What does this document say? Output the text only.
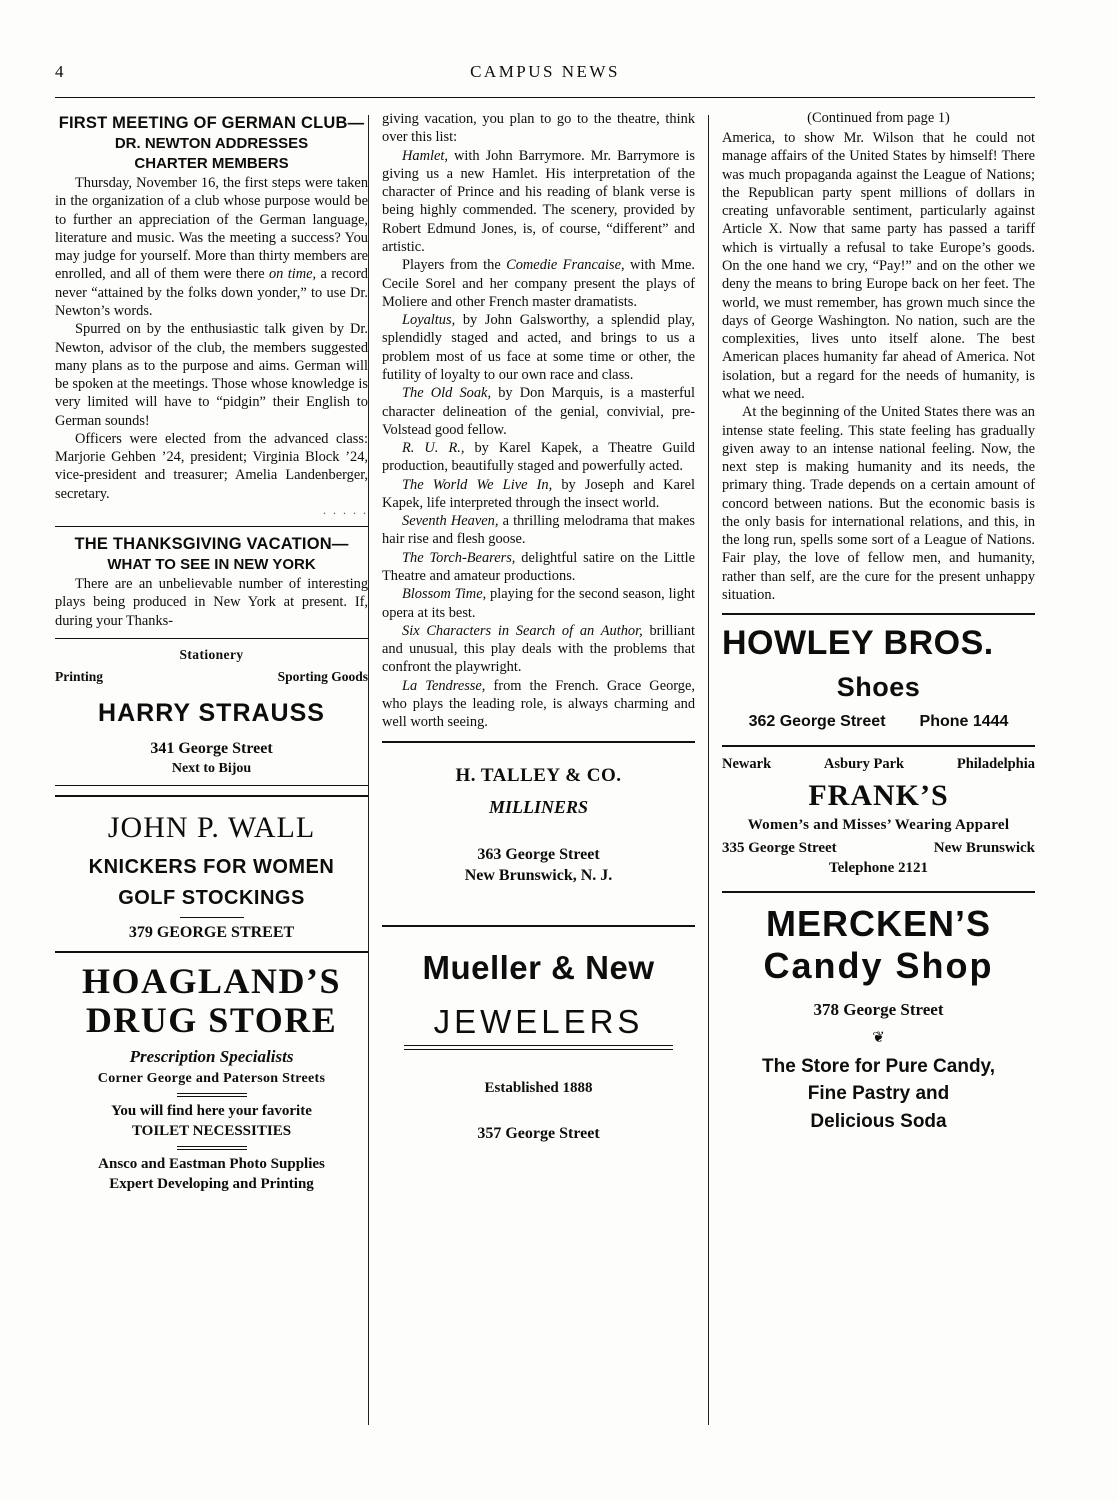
4	CAMPUS NEWS
FIRST MEETING OF GERMAN CLUB—
DR. NEWTON ADDRESSES
CHARTER MEMBERS

Thursday, November 16, the first steps were taken in the organization of a club whose purpose would be to further an appreciation of the German language, literature and music. Was the meeting a success? You may judge for yourself. More than thirty members are enrolled, and all of them were there on time, a record never “attained by the folks down yonder,” to use Dr. Newton’s words.

Spurred on by the enthusiastic talk given by Dr. Newton, advisor of the club, the members suggested many plans as to the purpose and aims. German will be spoken at the meetings. Those whose knowledge is very limited will have to “pidgin” their English to German sounds!

Officers were elected from the advanced class: Marjorie Gehben ’24, president; Virginia Block ’24, vice-president and treasurer; Amelia Landenberger, secretary.

. . . . .
THE THANKSGIVING VACATION—
WHAT TO SEE IN NEW YORK

There are an unbelievable number of interesting plays being produced in New York at present. If, during your Thanks-

Stationery
Printing	Sporting Goods
HARRY STRAUSS
341 George Street
Next to Bijou
JOHN P. WALL
KNICKERS FOR WOMEN
GOLF STOCKINGS
379 GEORGE STREET
HOAGLAND’S
DRUG STORE
Prescription Specialists
Corner George and Paterson Streets
You will find here your favorite
TOILET NECESSITIES
Ansco and Eastman Photo Supplies
Expert Developing and Printing

giving vacation, you plan to go to the theatre, think over this list:

Hamlet, with John Barrymore. Mr. Barrymore is giving us a new Hamlet. His interpretation of the character of Prince and his reading of blank verse is being highly commended. The scenery, provided by Robert Edmund Jones, is, of course, “different” and artistic.

Players from the Comedie Francaise, with Mme. Cecile Sorel and her company present the plays of Moliere and other French master dramatists.

Loyaltus, by John Galsworthy, a splendid play, splendidly staged and acted, and brings to us a problem most of us face at some time or other, the futility of loyalty to our own race and class.

The Old Soak, by Don Marquis, is a masterful character delineation of the genial, convivial, pre-Volstead good fellow.

R. U. R., by Karel Kapek, a Theatre Guild production, beautifully staged and powerfully acted.

The World We Live In, by Joseph and Karel Kapek, life interpreted through the insect world.

Seventh Heaven, a thrilling melodrama that makes hair rise and flesh goose.

The Torch-Bearers, delightful satire on the Little Theatre and amateur productions.

Blossom Time, playing for the second season, light opera at its best.

Six Characters in Search of an Author, brilliant and unusual, this play deals with the problems that confront the playwright.

La Tendresse, from the French. Grace George, who plays the leading role, is always charming and well worth seeing.

H. TALLEY & CO.
MILLINERS
363 George Street
New Brunswick, N. J.
Mueller & New
JEWELERS
Established 1888
357 George Street
(Continued from page 1)

America, to show Mr. Wilson that he could not manage affairs of the United States by himself! There was much propaganda against the League of Nations; the Republican party spent millions of dollars in creating unfavorable sentiment, particularly against Article X. Now that same party has passed a tariff which is virtually a refusal to take Europe’s goods. On the one hand we cry, “Pay!” and on the other we deny the means to bring Europe back on her feet. The world, we must remember, has grown much since the days of George Washington. No nation, such are the complexities, lives unto itself alone. The best American places humanity far ahead of America. Not isolation, but a regard for the needs of humanity, is what we need.

At the beginning of the United States there was an intense state feeling. This state feeling has gradually given away to an intense national feeling. Now, the next step is making humanity and its needs, the primary thing. Trade depends on a certain amount of concord between nations. But the economic basis is the only basis for international relations, and this, in the long run, spells some sort of a League of Nations. Fair play, the love of fellow men, and humanity, rather than self, are the cure for the present unhappy situation.

HOWLEY BROS.
Shoes
362 George Street Phone 1444
Newark	Asbury Park	Philadelphia
FRANK’S
Women’s and Misses’ Wearing Apparel
335 George Street	New Brunswick
Telephone 2121
MERCKEN’S
Candy Shop
378 George Street
❦
The Store for Pure Candy,
Fine Pastry and
Delicious Soda
